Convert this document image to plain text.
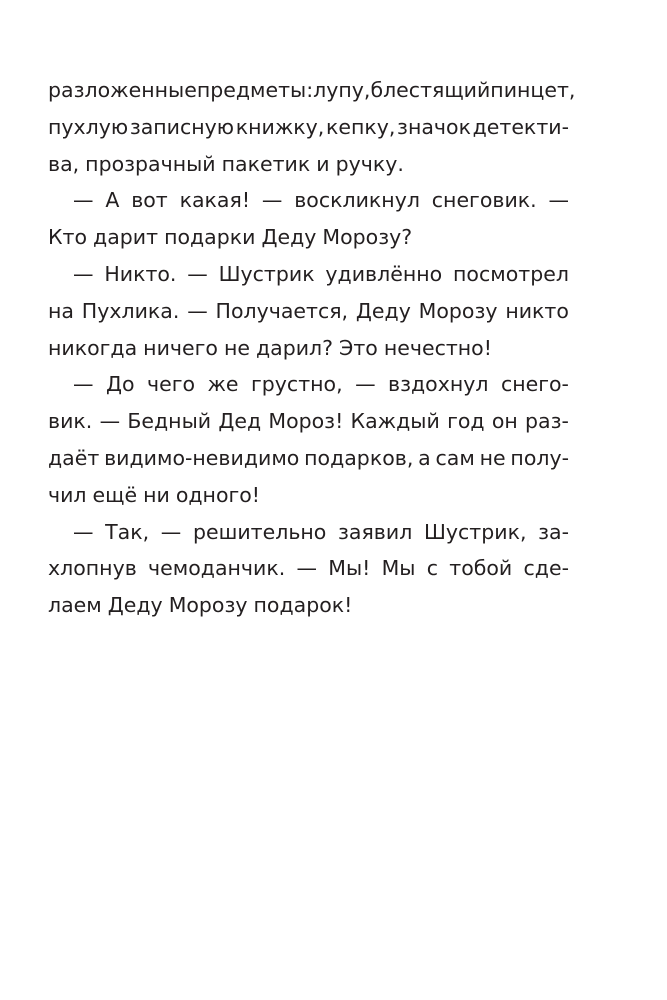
разложенные предметы: лупу, блестящий пинцет,
пухлую записную книжку, кепку, значок детекти-
ва, прозрачный пакетик и ручку.
— А вот какая! — воскликнул снеговик. —
Кто дарит подарки Деду Морозу?
— Никто. — Шустрик удивлённо посмотрел
на Пухлика. — Получается, Деду Морозу никто
никогда ничего не дарил? Это нечестно!
— До чего же грустно, — вздохнул снего-
вик. — Бедный Дед Мороз! Каждый год он раз-
даёт видимо-невидимо подарков, а сам не полу-
чил ещё ни одного!
— Так, — решительно заявил Шустрик, за-
хлопнув чемоданчик. — Мы! Мы с тобой сде-
лаем Деду Морозу подарок!
